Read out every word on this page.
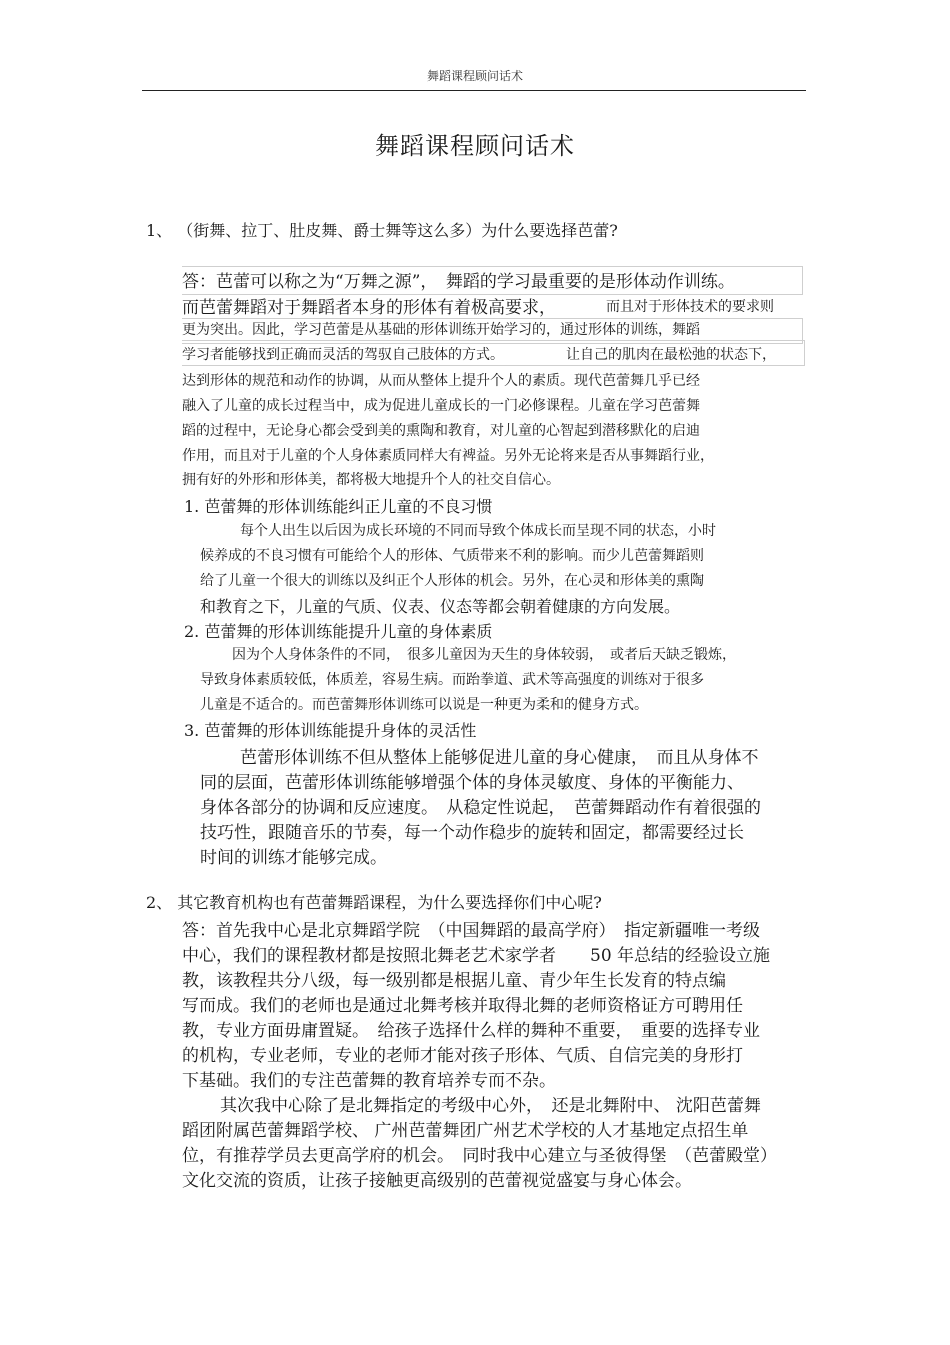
舞蹈课程顾问话术
舞蹈课程顾问话术
1、 （街舞、拉丁、肚皮舞、爵士舞等这么多）为什么要选择芭蕾?
答：芭蕾可以称之为“万舞之源”，　舞蹈的学习最重要的是形体动作训练。
而芭蕾舞蹈对于舞蹈者本身的形体有着极高要求，	而且对于形体技术的要求则
更为突出。因此，学习芭蕾是从基础的形体训练开始学习的，通过形体的训练，舞蹈
学习者能够找到正确而灵活的驾驭自己肢体的方式。	让自己的肌肉在最松弛的状态下，
达到形体的规范和动作的协调，从而从整体上提升个人的素质。现代芭蕾舞几乎已经
融入了儿童的成长过程当中，成为促进儿童成长的一门必修课程。儿童在学习芭蕾舞
蹈的过程中，无论身心都会受到美的熏陶和教育，对儿童的心智起到潜移默化的启迪
作用，而且对于儿童的个人身体素质同样大有裨益。另外无论将来是否从事舞蹈行业，
拥有好的外形和形体美，都将极大地提升个人的社交自信心。
1. 芭蕾舞的形体训练能纠正儿童的不良习惯
每个人出生以后因为成长环境的不同而导致个体成长而呈现不同的状态，小时
候养成的不良习惯有可能给个人的形体、气质带来不利的影响。而少儿芭蕾舞蹈则
给了儿童一个很大的训练以及纠正个人形体的机会。另外，在心灵和形体美的熏陶
和教育之下，儿童的气质、仪表、仪态等都会朝着健康的方向发展。
2. 芭蕾舞的形体训练能提升儿童的身体素质
因为个人身体条件的不同，　很多儿童因为天生的身体较弱，　或者后天缺乏锻炼，
导致身体素质较低，体质差，容易生病。而跆拳道、武术等高强度的训练对于很多
儿童是不适合的。而芭蕾舞形体训练可以说是一种更为柔和的健身方式。
3. 芭蕾舞的形体训练能提升身体的灵活性
芭蕾形体训练不但从整体上能够促进儿童的身心健康，　而且从身体不
同的层面，芭蕾形体训练能够增强个体的身体灵敏度、身体的平衡能力、
身体各部分的协调和反应速度。　从稳定性说起，　芭蕾舞蹈动作有着很强的
技巧性，跟随音乐的节奏，每一个动作稳步的旋转和固定，都需要经过长
时间的训练才能够完成。
2、 其它教育机构也有芭蕾舞蹈课程，为什么要选择你们中心呢?
答：首先我中心是北京舞蹈学院　（中国舞蹈的最高学府）　指定新疆唯一考级
中心，我们的课程教材都是按照北舞老艺术家学者　　50 年总结的经验设立施
教，该教程共分八级，每一级别都是根据儿童、青少年生长发育的特点编
写而成。我们的老师也是通过北舞考核并取得北舞的老师资格证方可聘用任
教，专业方面毋庸置疑。　给孩子选择什么样的舞种不重要，　重要的选择专业
的机构，专业老师，专业的老师才能对孩子形体、气质、自信完美的身形打
下基础。我们的专注芭蕾舞的教育培养专而不杂。
其次我中心除了是北舞指定的考级中心外，　还是北舞附中、 沈阳芭蕾舞
蹈团附属芭蕾舞蹈学校、 广州芭蕾舞团广州艺术学校的人才基地定点招生单
位，有推荐学员去更高学府的机会。　同时我中心建立与圣彼得堡　（芭蕾殿堂）
文化交流的资质，让孩子接触更高级别的芭蕾视觉盛宴与身心体会。
